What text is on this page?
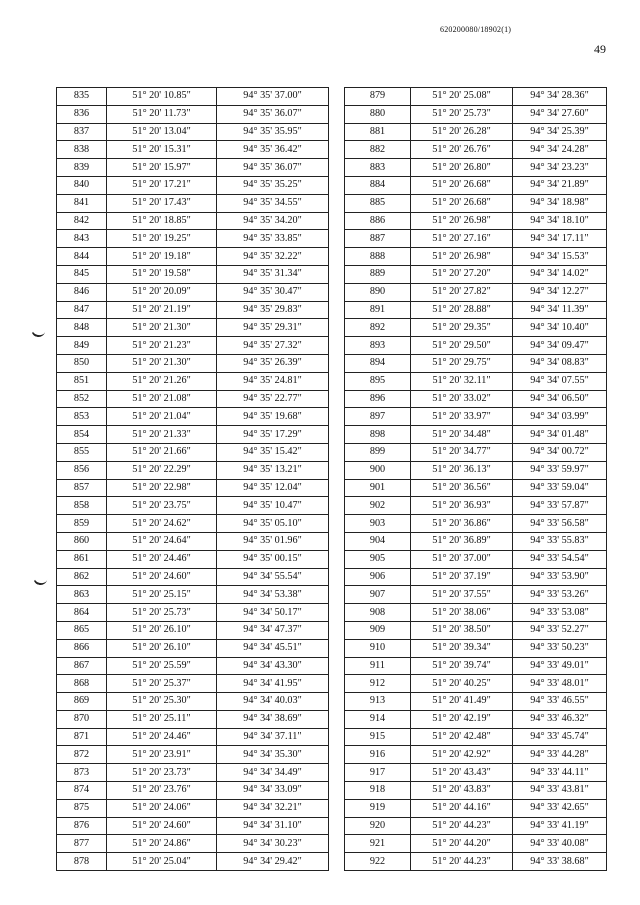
620200080/18902(1)
49
835	51° 20' 10.85"	94° 35' 37.00"
836	51° 20' 11.73"	94° 35' 36.07"
837	51° 20' 13.04"	94° 35' 35.95"
838	51° 20' 15.31"	94° 35' 36.42"
839	51° 20' 15.97"	94° 35' 36.07"
840	51° 20' 17.21"	94° 35' 35.25"
841	51° 20' 17.43"	94° 35' 34.55"
842	51° 20' 18.85"	94° 35' 34.20"
843	51° 20' 19.25"	94° 35' 33.85"
844	51° 20' 19.18"	94° 35' 32.22"
845	51° 20' 19.58"	94° 35' 31.34"
846	51° 20' 20.09"	94° 35' 30.47"
847	51° 20' 21.19"	94° 35' 29.83"
848	51° 20' 21.30"	94° 35' 29.31"
849	51° 20' 21.23"	94° 35' 27.32"
850	51° 20' 21.30"	94° 35' 26.39"
851	51° 20' 21.26"	94° 35' 24.81"
852	51° 20' 21.08"	94° 35' 22.77"
853	51° 20' 21.04"	94° 35' 19.68"
854	51° 20' 21.33"	94° 35' 17.29"
855	51° 20' 21.66"	94° 35' 15.42"
856	51° 20' 22.29"	94° 35' 13.21"
857	51° 20' 22.98"	94° 35' 12.04"
858	51° 20' 23.75"	94° 35' 10.47"
859	51° 20' 24.62"	94° 35' 05.10"
860	51° 20' 24.64"	94° 35' 01.96"
861	51° 20' 24.46"	94° 35' 00.15"
862	51° 20' 24.60"	94° 34' 55.54"
863	51° 20' 25.15"	94° 34' 53.38"
864	51° 20' 25.73"	94° 34' 50.17"
865	51° 20' 26.10"	94° 34' 47.37"
866	51° 20' 26.10"	94° 34' 45.51"
867	51° 20' 25.59"	94° 34' 43.30"
868	51° 20' 25.37"	94° 34' 41.95"
869	51° 20' 25.30"	94° 34' 40.03"
870	51° 20' 25.11"	94° 34' 38.69"
871	51° 20' 24.46"	94° 34' 37.11"
872	51° 20' 23.91"	94° 34' 35.30"
873	51° 20' 23.73"	94° 34' 34.49"
874	51° 20' 23.76"	94° 34' 33.09"
875	51° 20' 24.06"	94° 34' 32.21"
876	51° 20' 24.60"	94° 34' 31.10"
877	51° 20' 24.86"	94° 34' 30.23"
878	51° 20' 25.04"	94° 34' 29.42"
879	51° 20' 25.08"	94° 34' 28.36"
880	51° 20' 25.73"	94° 34' 27.60"
881	51° 20' 26.28"	94° 34' 25.39"
882	51° 20' 26.76"	94° 34' 24.28"
883	51° 20' 26.80"	94° 34' 23.23"
884	51° 20' 26.68"	94° 34' 21.89"
885	51° 20' 26.68"	94° 34' 18.98"
886	51° 20' 26.98"	94° 34' 18.10"
887	51° 20' 27.16"	94° 34' 17.11"
888	51° 20' 26.98"	94° 34' 15.53"
889	51° 20' 27.20"	94° 34' 14.02"
890	51° 20' 27.82"	94° 34' 12.27"
891	51° 20' 28.88"	94° 34' 11.39"
892	51° 20' 29.35"	94° 34' 10.40"
893	51° 20' 29.50"	94° 34' 09.47"
894	51° 20' 29.75"	94° 34' 08.83"
895	51° 20' 32.11"	94° 34' 07.55"
896	51° 20' 33.02"	94° 34' 06.50"
897	51° 20' 33.97"	94° 34' 03.99"
898	51° 20' 34.48"	94° 34' 01.48"
899	51° 20' 34.77"	94° 34' 00.72"
900	51° 20' 36.13"	94° 33' 59.97"
901	51° 20' 36.56"	94° 33' 59.04"
902	51° 20' 36.93"	94° 33' 57.87"
903	51° 20' 36.86"	94° 33' 56.58"
904	51° 20' 36.89"	94° 33' 55.83"
905	51° 20' 37.00"	94° 33' 54.54"
906	51° 20' 37.19"	94° 33' 53.90"
907	51° 20' 37.55"	94° 33' 53.26"
908	51° 20' 38.06"	94° 33' 53.08"
909	51° 20' 38.50"	94° 33' 52.27"
910	51° 20' 39.34"	94° 33' 50.23"
911	51° 20' 39.74"	94° 33' 49.01"
912	51° 20' 40.25"	94° 33' 48.01"
913	51° 20' 41.49"	94° 33' 46.55"
914	51° 20' 42.19"	94° 33' 46.32"
915	51° 20' 42.48"	94° 33' 45.74"
916	51° 20' 42.92"	94° 33' 44.28"
917	51° 20' 43.43"	94° 33' 44.11"
918	51° 20' 43.83"	94° 33' 43.81"
919	51° 20' 44.16"	94° 33' 42.65"
920	51° 20' 44.23"	94° 33' 41.19"
921	51° 20' 44.20"	94° 33' 40.08"
922	51° 20' 44.23"	94° 33' 38.68"
